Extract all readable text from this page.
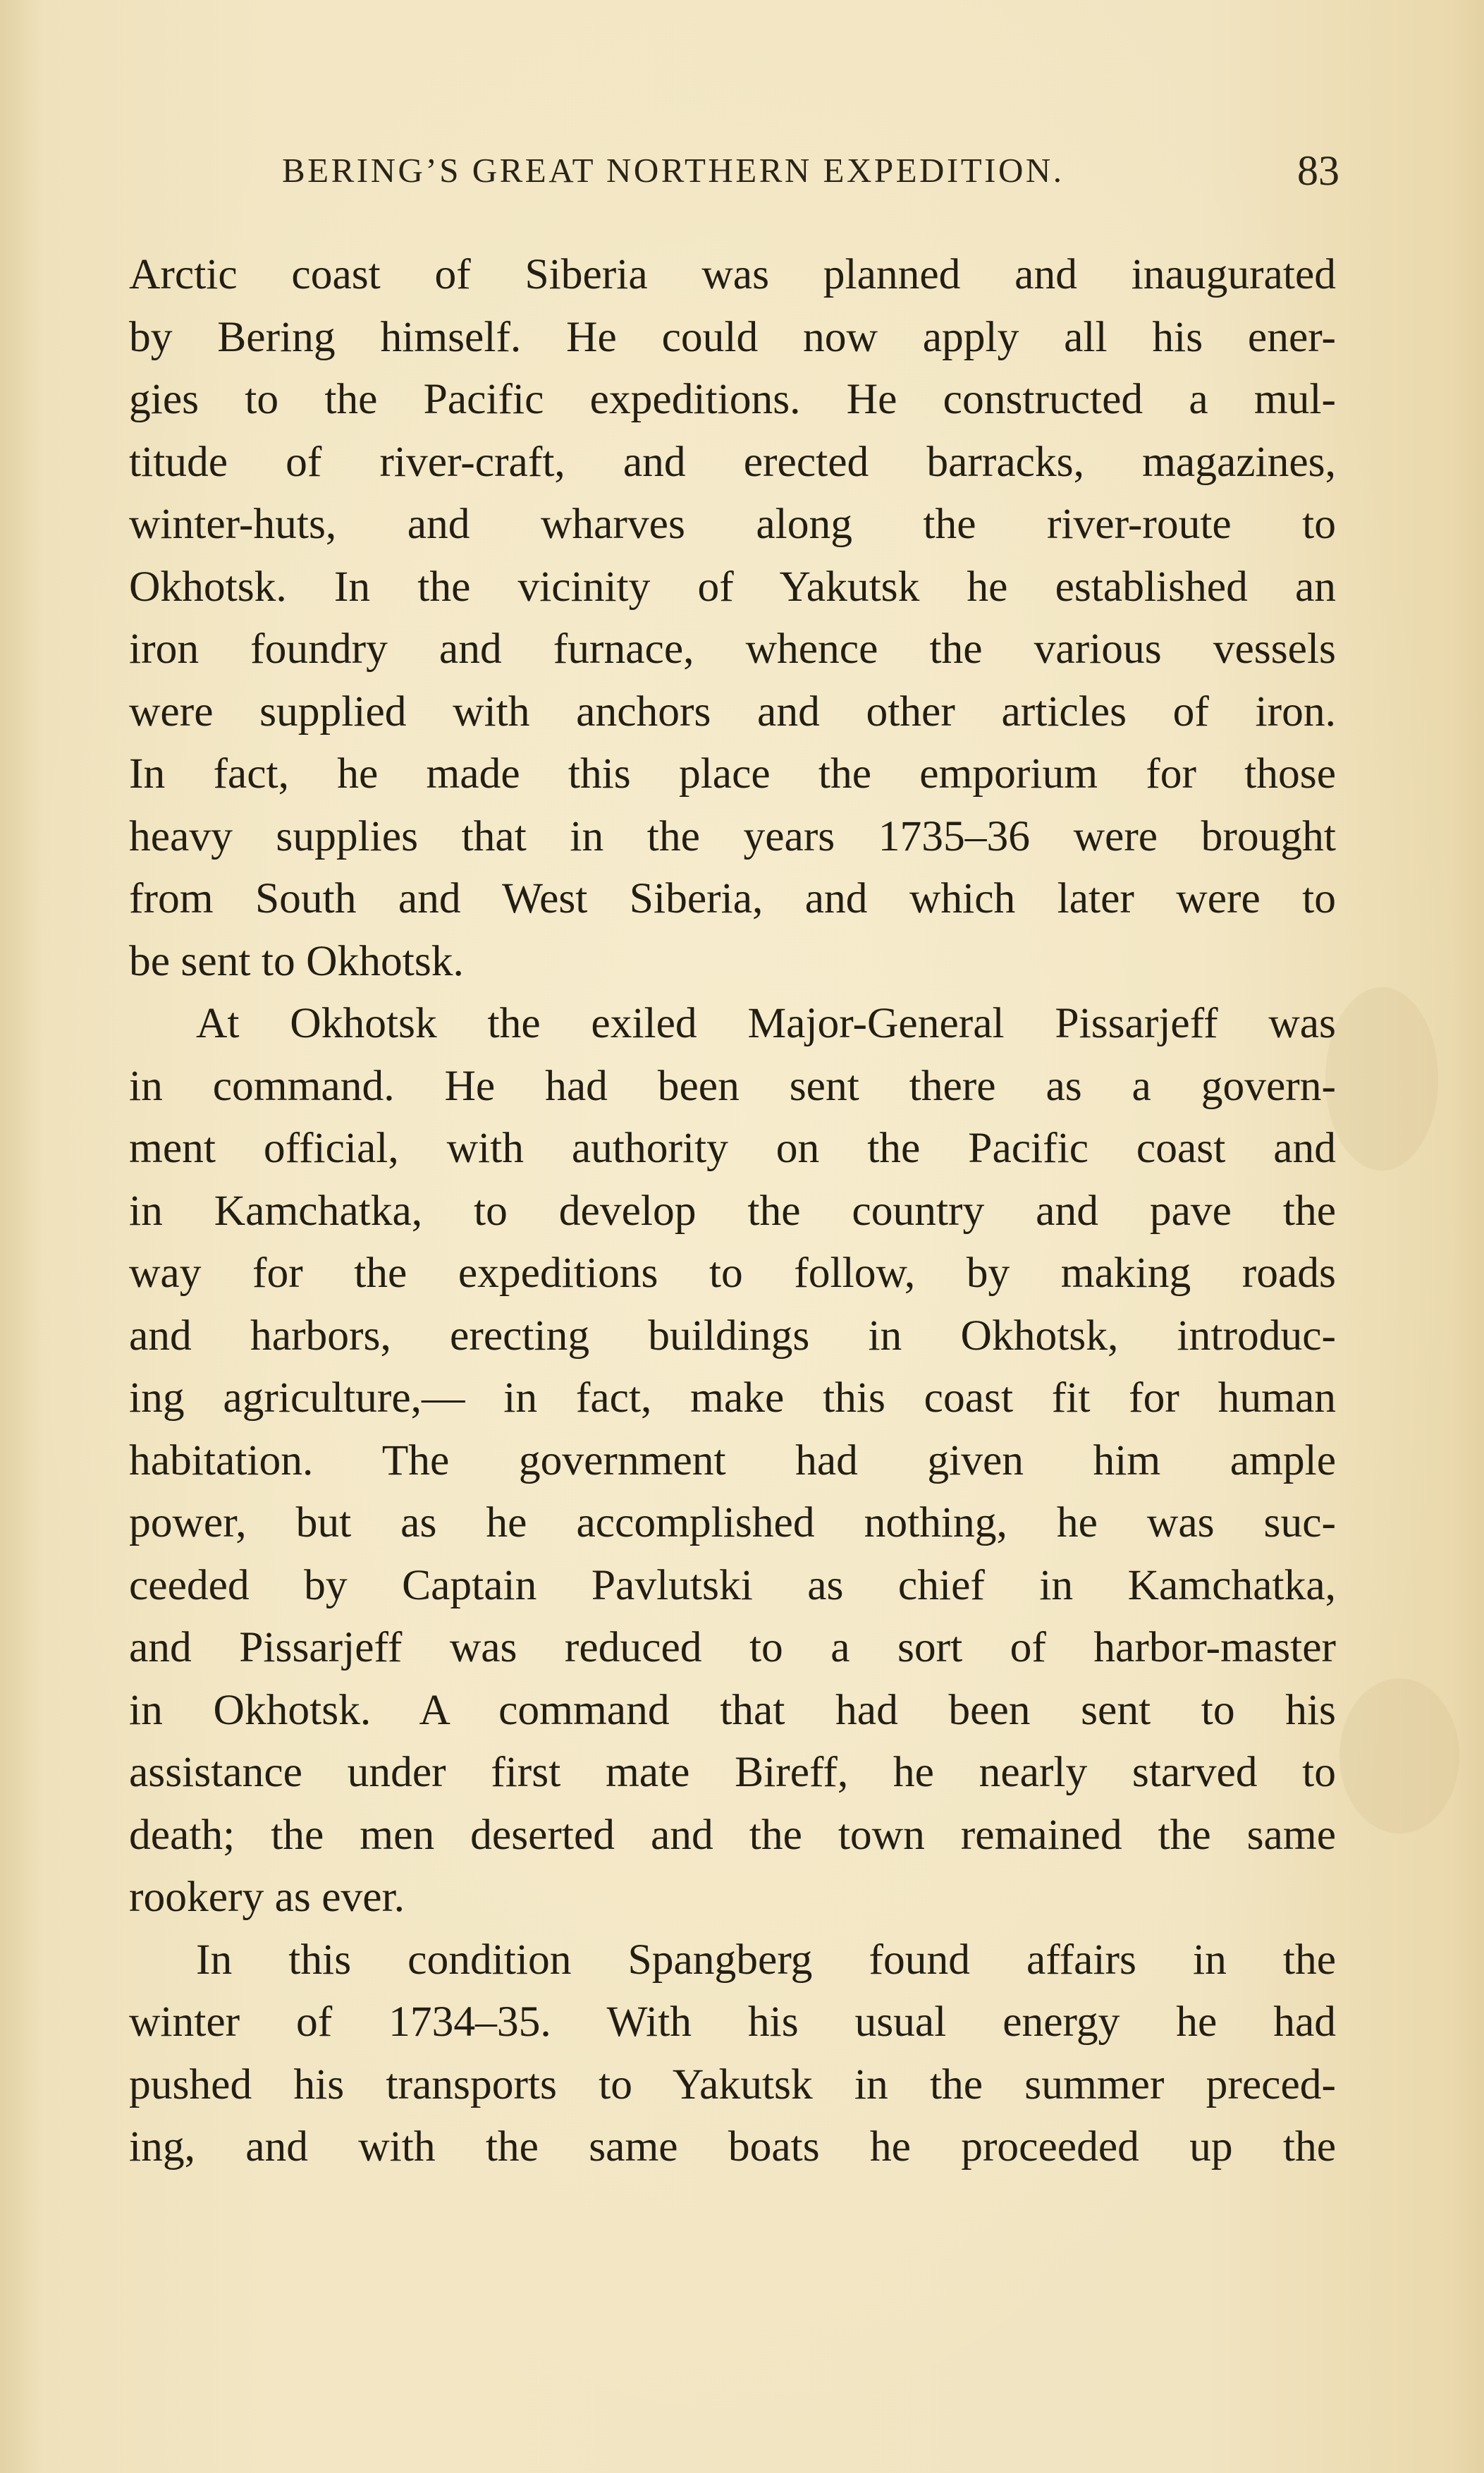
BERING’S GREAT NORTHERN EXPEDITION.	83
Arctic coast of Siberia was planned and inaugurated
by Bering himself. He could now apply all his ener-
gies to the Pacific expeditions. He constructed a mul-
titude of river-craft, and erected barracks, magazines,
winter-huts, and wharves along the river-route to
Okhotsk. In the vicinity of Yakutsk he established an
iron foundry and furnace, whence the various vessels
were supplied with anchors and other articles of iron.
In fact, he made this place the emporium for those
heavy supplies that in the years 1735–36 were brought
from South and West Siberia, and which later were to
be sent to Okhotsk.
At Okhotsk the exiled Major-General Pissarjeff was
in command. He had been sent there as a govern-
ment official, with authority on the Pacific coast and
in Kamchatka, to develop the country and pave the
way for the expeditions to follow, by making roads
and harbors, erecting buildings in Okhotsk, introduc-
ing agriculture,— in fact, make this coast fit for human
habitation. The government had given him ample
power, but as he accomplished nothing, he was suc-
ceeded by Captain Pavlutski as chief in Kamchatka,
and Pissarjeff was reduced to a sort of harbor-master
in Okhotsk. A command that had been sent to his
assistance under first mate Bireff, he nearly starved to
death; the men deserted and the town remained the same
rookery as ever.
In this condition Spangberg found affairs in the
winter of 1734–35. With his usual energy he had
pushed his transports to Yakutsk in the summer preced-
ing, and with the same boats he proceeded up the
